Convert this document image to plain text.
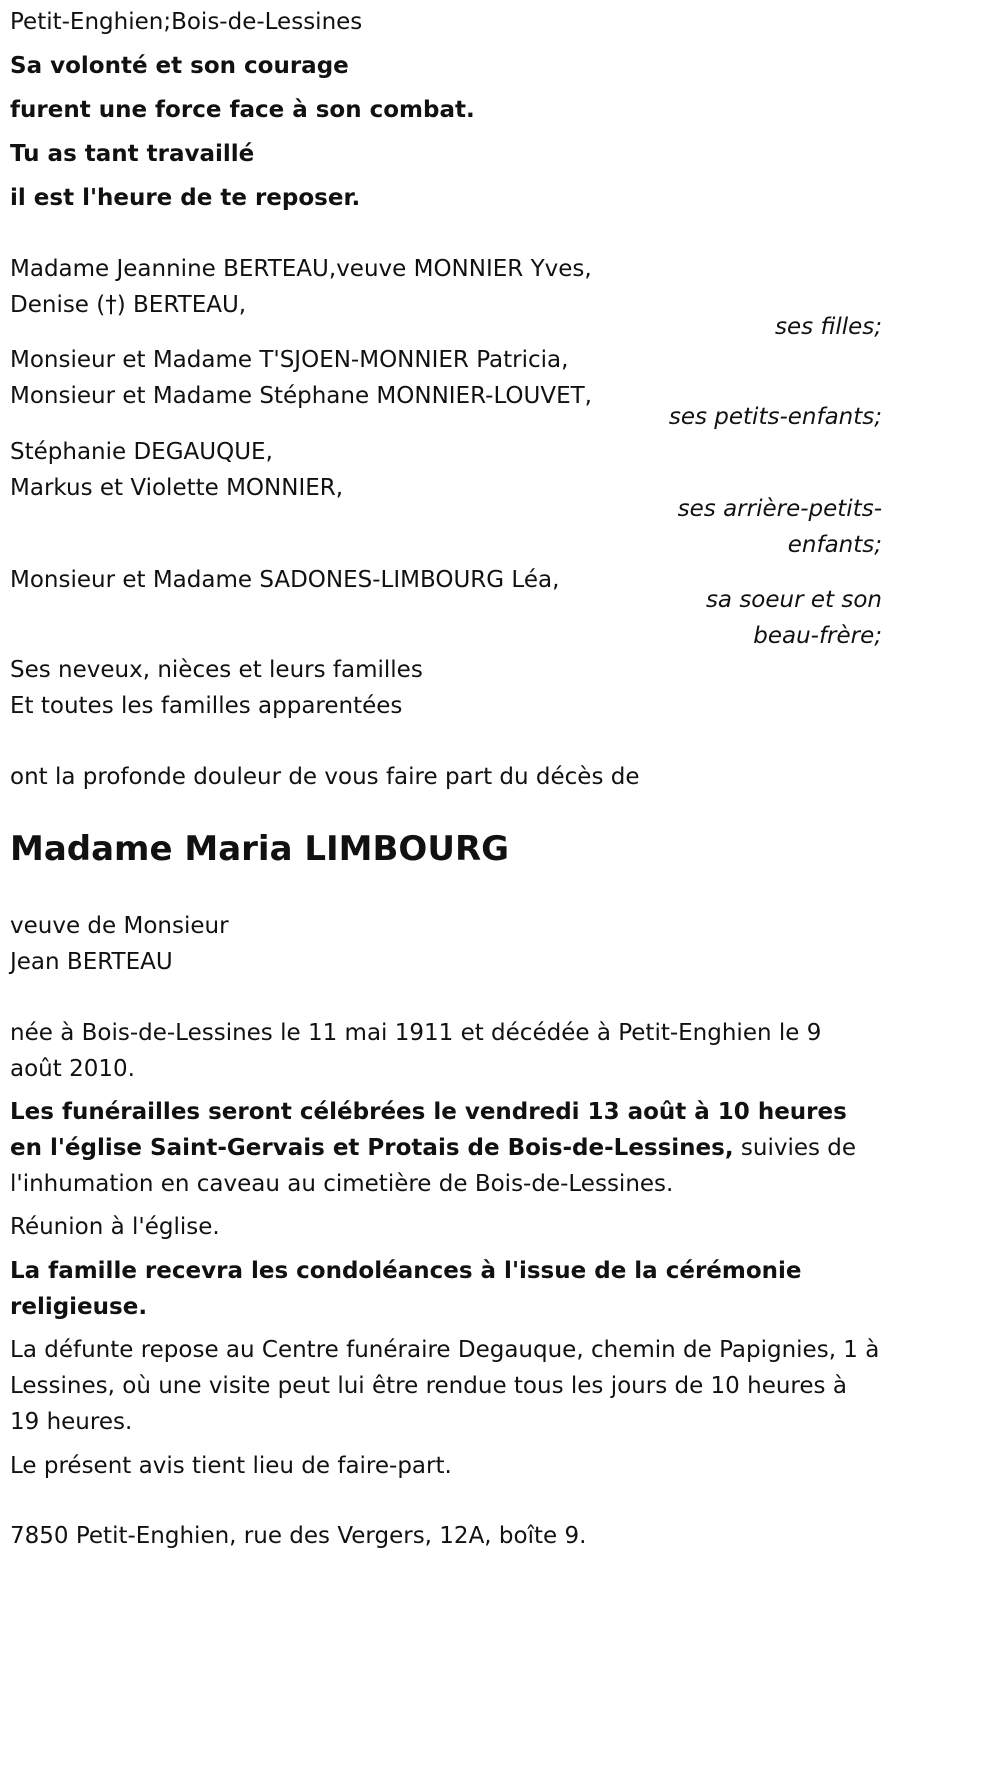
Petit-Enghien;Bois-de-Lessines
Sa volonté et son courage
furent une force face à son combat.
Tu as tant travaillé
il est l'heure de te reposer.
Madame Jeannine BERTEAU,veuve MONNIER Yves,
Denise (†) BERTEAU,
ses filles;
Monsieur et Madame T'SJOEN-MONNIER Patricia,
Monsieur et Madame Stéphane MONNIER-LOUVET,
ses petits-enfants;
Stéphanie DEGAUQUE,
Markus et Violette MONNIER,
ses arrière-petits-
enfants;
Monsieur et Madame SADONES-LIMBOURG Léa,
sa soeur et son
beau-frère;
Ses neveux, nièces et leurs familles
Et toutes les familles apparentées
ont la profonde douleur de vous faire part du décès de
Madame Maria LIMBOURG
veuve de Monsieur
Jean BERTEAU
née à Bois-de-Lessines le 11 mai 1911 et décédée à Petit-Enghien le 9 août 2010.
Les funérailles seront célébrées le vendredi 13 août à 10 heures en l'église Saint-Gervais et Protais de Bois-de-Lessines, suivies de l'inhumation en caveau au cimetière de Bois-de-Lessines.
Réunion à l'église.
La famille recevra les condoléances à l'issue de la cérémonie religieuse.
La défunte repose au Centre funéraire Degauque, chemin de Papignies, 1 à Lessines, où une visite peut lui être rendue tous les jours de 10 heures à 19 heures.
Le présent avis tient lieu de faire-part.
7850 Petit-Enghien, rue des Vergers, 12A, boîte 9.
